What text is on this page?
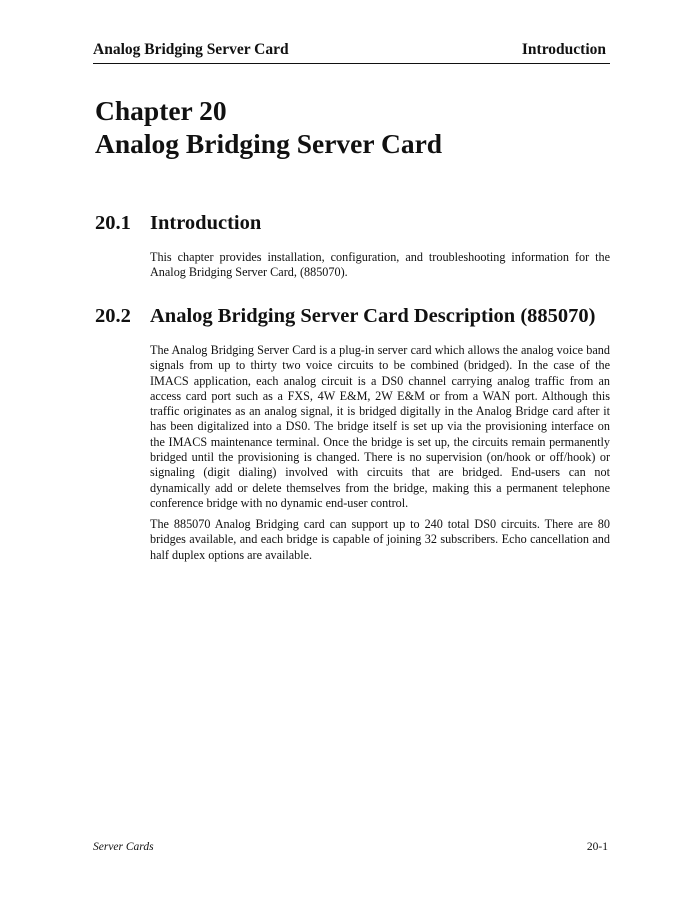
Analog Bridging Server Card	Introduction
Chapter 20
Analog Bridging Server Card
20.1 Introduction

This chapter provides installation, configuration, and troubleshooting information for the Analog Bridging Server Card, (885070).

20.2 Analog Bridging Server Card Description (885070)

The Analog Bridging Server Card is a plug-in server card which allows the analog voice band signals from up to thirty two voice circuits to be combined (bridged). In the case of the IMACS application, each analog circuit is a DS0 channel carrying analog traffic from an access card port such as a FXS, 4W E&M, 2W E&M or from a WAN port. Although this traffic originates as an analog signal, it is bridged digitally in the Analog Bridge card after it has been digitalized into a DS0. The bridge itself is set up via the provisioning interface on the IMACS maintenance terminal. Once the bridge is set up, the circuits remain permanently bridged until the provisioning is changed. There is no supervision (on/hook or off/hook) or signaling (digit dialing) involved with circuits that are bridged. End-users can not dynamically add or delete themselves from the bridge, making this a permanent telephone conference bridge with no dynamic end-user control.

The 885070 Analog Bridging card can support up to 240 total DS0 circuits. There are 80 bridges available, and each bridge is capable of joining 32 subscribers. Echo cancellation and half duplex options are available.

Server Cards	20-1
